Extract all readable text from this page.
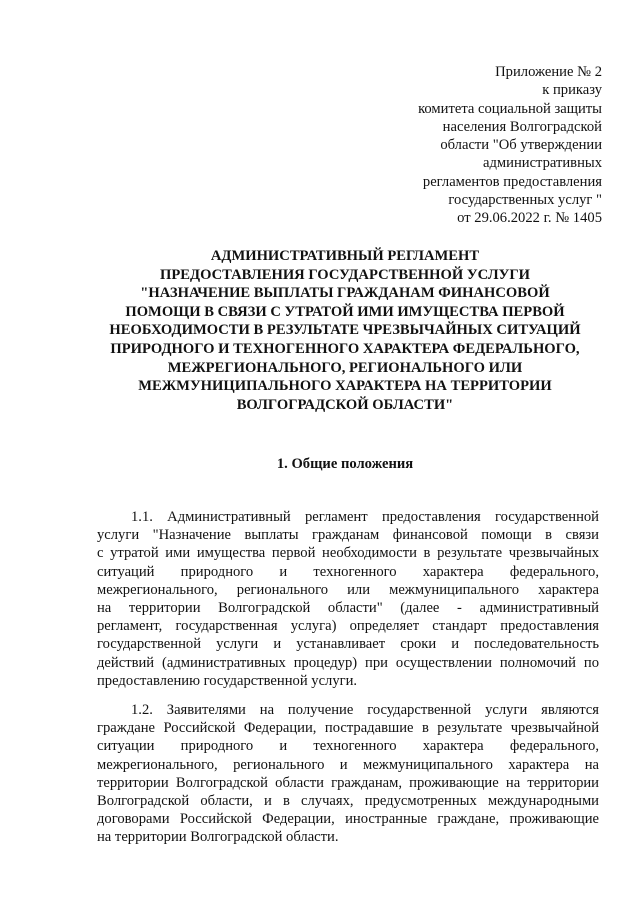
Приложение № 2
к приказу
комитета социальной защиты
населения Волгоградской
области "Об утверждении
административных
регламентов предоставления
государственных услуг "
от 29.06.2022 г. № 1405
АДМИНИСТРАТИВНЫЙ РЕГЛАМЕНТ
ПРЕДОСТАВЛЕНИЯ ГОСУДАРСТВЕННОЙ УСЛУГИ
"НАЗНАЧЕНИЕ ВЫПЛАТЫ ГРАЖДАНАМ ФИНАНСОВОЙ
ПОМОЩИ В СВЯЗИ С УТРАТОЙ ИМИ ИМУЩЕСТВА ПЕРВОЙ
НЕОБХОДИМОСТИ В РЕЗУЛЬТАТЕ ЧРЕЗВЫЧАЙНЫХ СИТУАЦИЙ
ПРИРОДНОГО И ТЕХНОГЕННОГО ХАРАКТЕРА ФЕДЕРАЛЬНОГО,
МЕЖРЕГИОНАЛЬНОГО, РЕГИОНАЛЬНОГО ИЛИ
МЕЖМУНИЦИПАЛЬНОГО ХАРАКТЕРА НА ТЕРРИТОРИИ
ВОЛГОГРАДСКОЙ ОБЛАСТИ"
1. Общие положения
1.1. Административный регламент предоставления государственной
услуги "Назначение выплаты гражданам финансовой помощи в связи
с утратой ими имущества первой необходимости в результате чрезвычайных
ситуаций природного и техногенного характера федерального,
межрегионального, регионального или межмуниципального характера
на территории Волгоградской области" (далее - административный
регламент, государственная услуга) определяет стандарт предоставления
государственной услуги и устанавливает сроки и последовательность
действий (административных процедур) при осуществлении полномочий по
предоставлению государственной услуги.
1.2. Заявителями на получение государственной услуги являются
граждане Российской Федерации, пострадавшие в результате чрезвычайной
ситуации природного и техногенного характера федерального,
межрегионального, регионального и межмуниципального характера на
территории Волгоградской области гражданам, проживающие на территории
Волгоградской области, и в случаях, предусмотренных международными
договорами Российской Федерации, иностранные граждане, проживающие
на территории Волгоградской области.
